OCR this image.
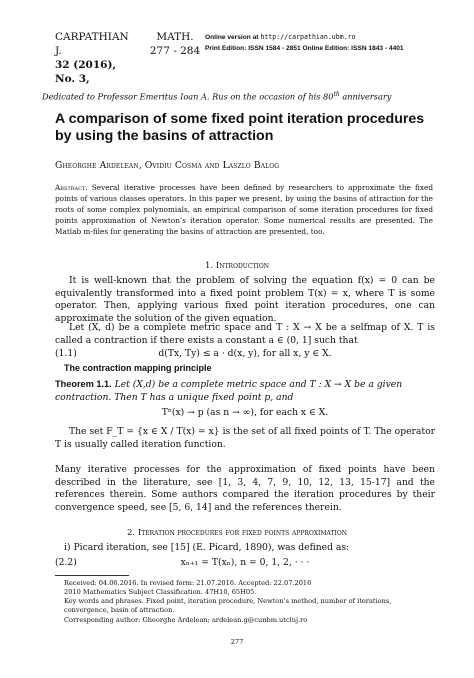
CARPATHIAN J.
32 (2016), No. 3,
MATH.
277 - 284
Online version at http://carpathian.ubm.ro
Print Edition: ISSN 1584 - 2851 Online Edition: ISSN 1843 - 4401
Dedicated to Professor Emeritus Ioan A. Rus on the occasion of his 80th anniversary
A comparison of some fixed point iteration procedures by using the basins of attraction
Gheorghe Ardelean, Ovidiu Cosma and Laszlo Balog
Abstract. Several iterative processes have been defined by researchers to approximate the fixed points of various classes operators. In this paper we present, by using the basins of attraction for the roots of some complex polynomials, an empirical comparison of some iteration procedures for fixed points approximation of Newton’s iteration operator. Some numerical results are presented. The Matlab m-files for generating the basins of attraction are presented, too.
1. Introduction
It is well-known that the problem of solving the equation f(x) = 0 can be equivalently transformed into a fixed point problem T(x) = x, where T is some operator. Then, applying various fixed point iteration procedures, one can approximate the solution of the given equation.
Let (X, d) be a complete metric space and T : X → X be a selfmap of X. T is called a contraction if there exists a constant a ∈ (0, 1] such that
(1.1)	d(Tx, Ty) ≤ a · d(x, y), for all x, y ∈ X.
The contraction mapping principle
Theorem 1.1. Let (X,d) be a complete metric space and T : X → X be a given contraction. Then T has a unique fixed point p, and
Tⁿ(x) → p (as n → ∞), for each x ∈ X.
The set F_T = {x ∈ X / T(x) = x} is the set of all fixed points of T. The operator T is usually called iteration function.
Many iterative processes for the approximation of fixed points have been described in the literature, see [1, 3, 4, 7, 9, 10, 12, 13, 15-17] and the references therein. Some authors compared the iteration procedures by their convergence speed, see [5, 6, 14] and the references therein.
2. Iteration procedures for fixed points approximation
i) Picard iteration, see [15] (E. Picard, 1890), was defined as:
(2.2)	xₙ₊₁ = T(xₙ), n = 0, 1, 2, · · ·
Received: 04.06.2016. In revised form: 21.07.2016. Accepted: 22.07.2016
2010 Mathematics Subject Classification. 47H10, 65H05.
Key words and phrases. Fixed point, iteration procedure, Newton’s method, number of iterations, convergence, basin of attraction.
Corresponding author: Gheorghe Ardelean; ardelean.g@cunbm.utcluj.ro
277
